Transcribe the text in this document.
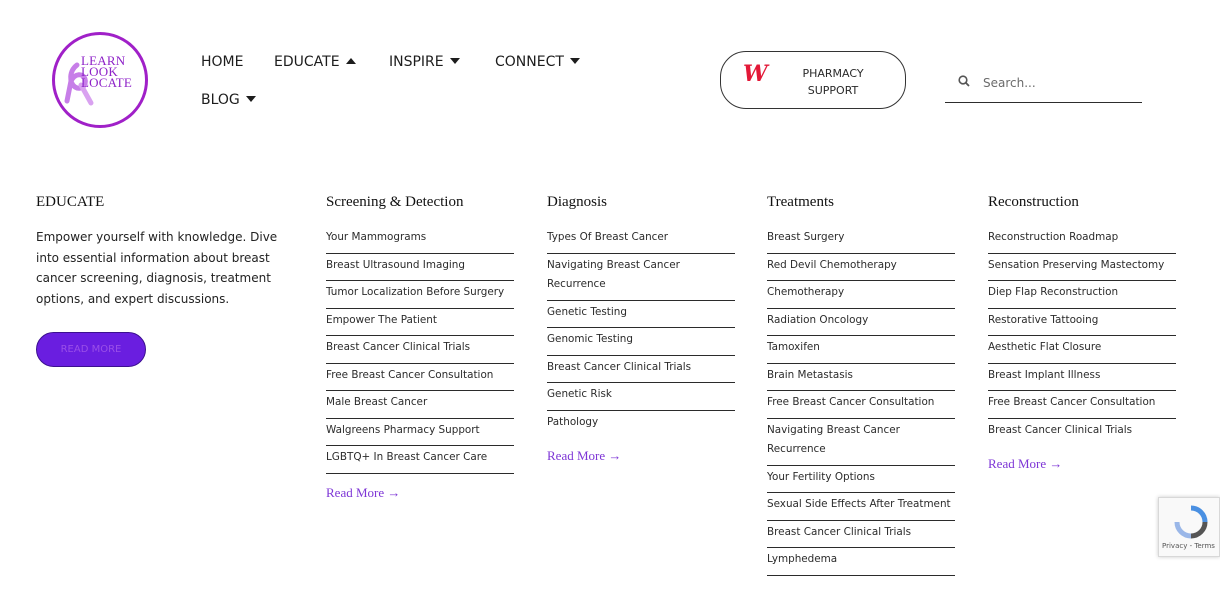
LEARN
LOOK
LOCATE
HOME EDUCATE	INSPIRE	CONNECT
BLOG
W	PHARMACY
SUPPORT
Search...
EDUCATE
Empower yourself with knowledge. Dive into essential information about breast cancer screening, diagnosis, treatment options, and expert discussions.
READ MORE
Screening & Detection
Your Mammograms
Breast Ultrasound Imaging
Tumor Localization Before Surgery
Empower The Patient
Breast Cancer Clinical Trials
Free Breast Cancer Consultation
Male Breast Cancer
Walgreens Pharmacy Support
LGBTQ+ In Breast Cancer Care
Read More →
Diagnosis
Types Of Breast Cancer
Navigating Breast Cancer Recurrence
Genetic Testing
Genomic Testing
Breast Cancer Clinical Trials
Genetic Risk
Pathology
Read More →
Treatments
Breast Surgery
Red Devil Chemotherapy
Chemotherapy
Radiation Oncology
Tamoxifen
Brain Metastasis
Free Breast Cancer Consultation
Navigating Breast Cancer Recurrence
Your Fertility Options
Sexual Side Effects After Treatment
Breast Cancer Clinical Trials
Lymphedema
Reconstruction
Reconstruction Roadmap
Sensation Preserving Mastectomy
Diep Flap Reconstruction
Restorative Tattooing
Aesthetic Flat Closure
Breast Implant Illness
Free Breast Cancer Consultation
Breast Cancer Clinical Trials
Read More →
Privacy - Terms
